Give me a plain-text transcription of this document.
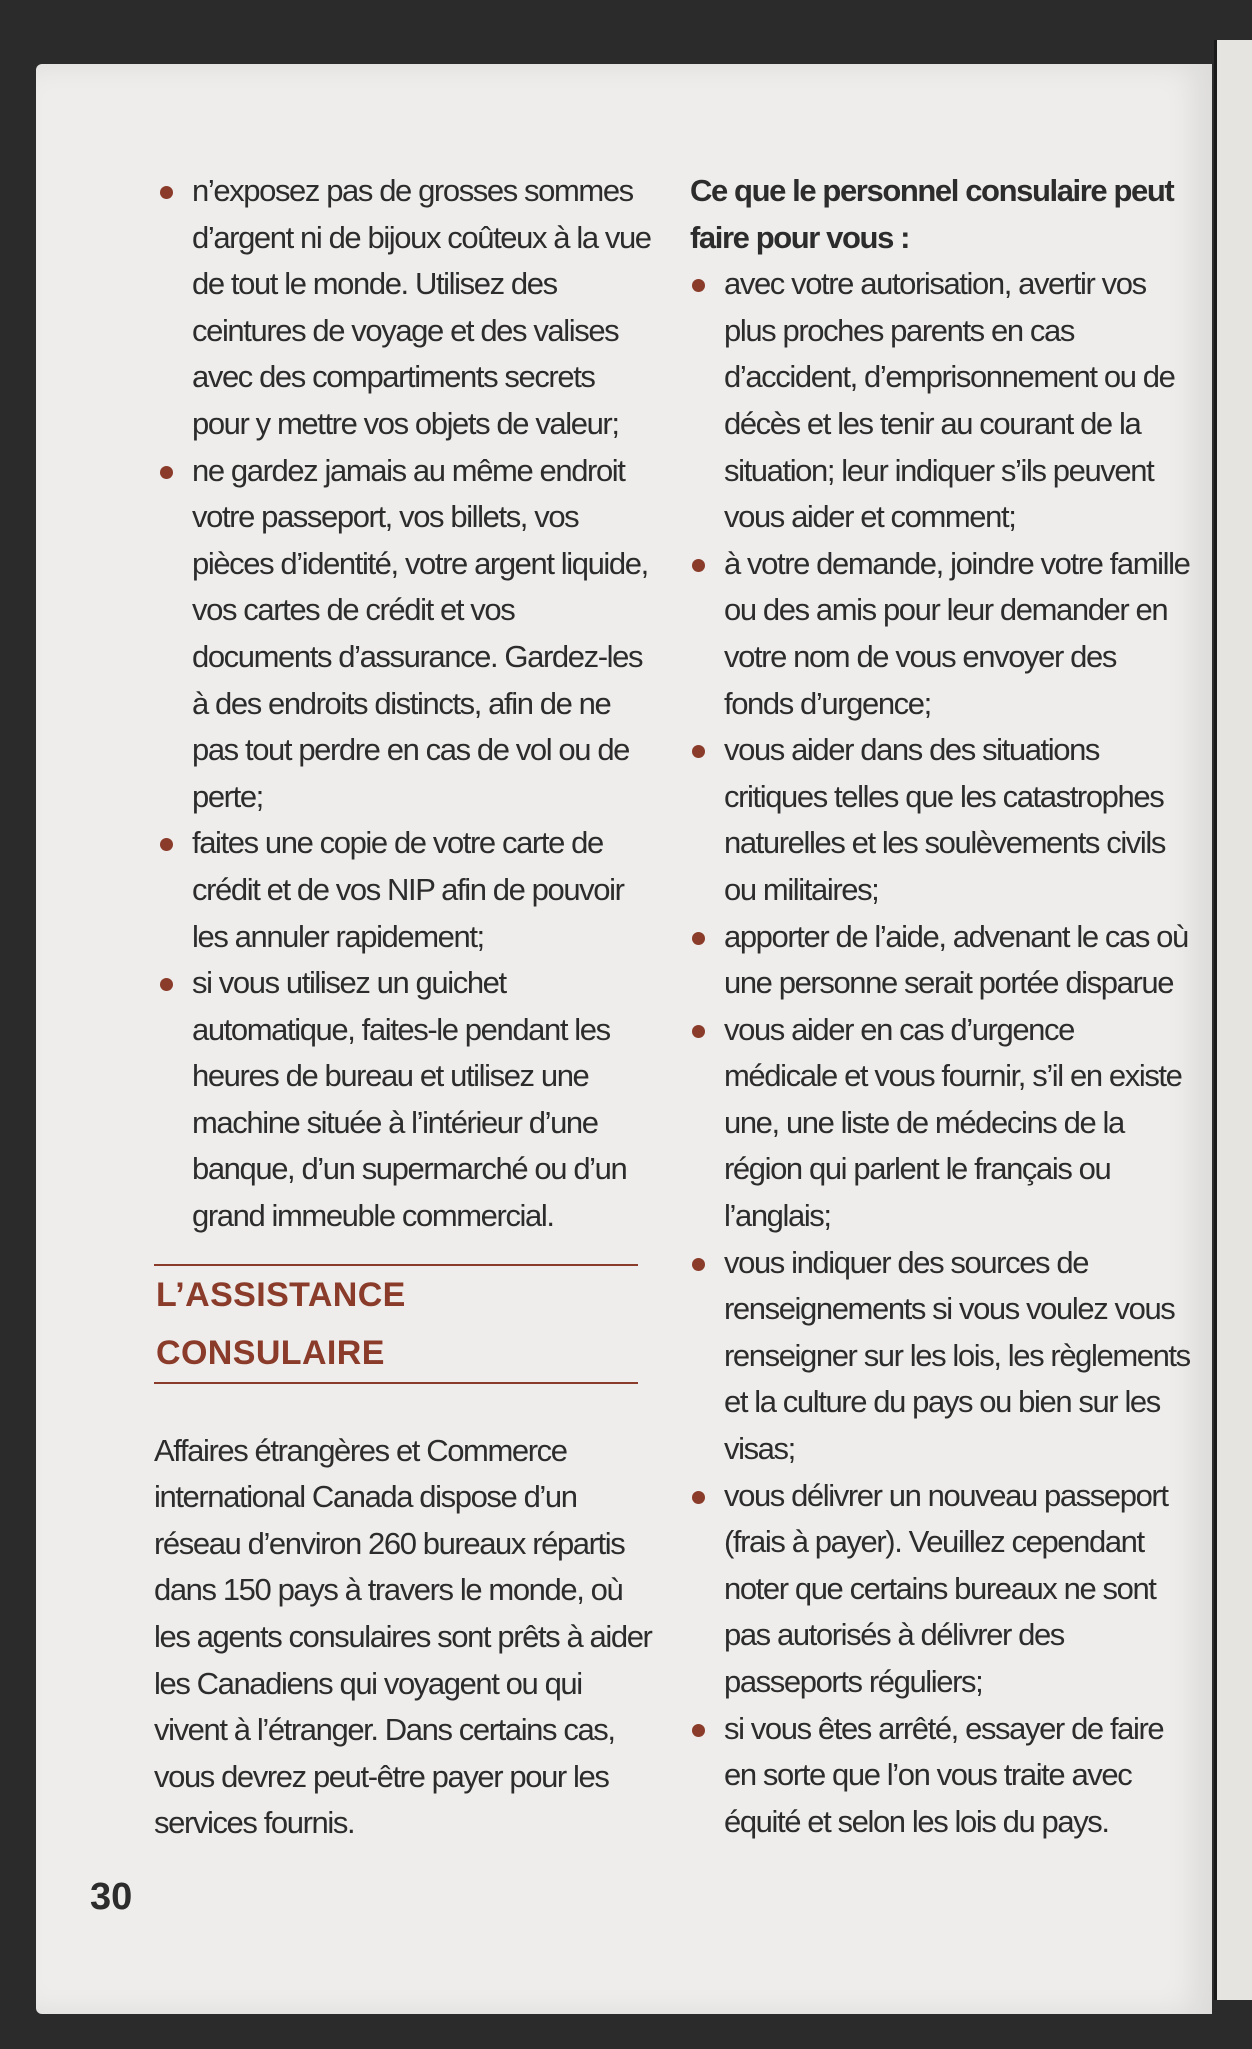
n’exposez pas de grosses sommes d’argent ni de bijoux coûteux à la vue de tout le monde. Utilisez des ceintures de voyage et des valises avec des compartiments secrets pour y mettre vos objets de valeur;
ne gardez jamais au même endroit votre passeport, vos billets, vos pièces d’identité, votre argent liquide, vos cartes de crédit et vos documents d’assurance. Gardez-les à des endroits distincts, afin de ne pas tout perdre en cas de vol ou de perte;
faites une copie de votre carte de crédit et de vos NIP afin de pouvoir les annuler rapidement;
si vous utilisez un guichet automatique, faites-le pendant les heures de bureau et utilisez une machine située à l’intérieur d’une banque, d’un supermarché ou d’un grand immeuble commercial.
L’ASSISTANCE CONSULAIRE
Affaires étrangères et Commerce international Canada dispose d’un réseau d’environ 260 bureaux répartis dans 150 pays à travers le monde, où les agents consulaires sont prêts à aider les Canadiens qui voyagent ou qui vivent à l’étranger. Dans certains cas, vous devrez peut-être payer pour les services fournis.
Ce que le personnel consulaire peut faire pour vous :
avec votre autorisation, avertir vos plus proches parents en cas d’accident, d’emprisonnement ou de décès et les tenir au courant de la situation; leur indiquer s’ils peuvent vous aider et comment;
à votre demande, joindre votre famille ou des amis pour leur demander en votre nom de vous envoyer des fonds d’urgence;
vous aider dans des situations critiques telles que les catastrophes naturelles et les soulèvements civils ou militaires;
apporter de l’aide, advenant le cas où une personne serait portée disparue
vous aider en cas d’urgence médicale et vous fournir, s’il en existe une, une liste de médecins de la région qui parlent le français ou l’anglais;
vous indiquer des sources de renseignements si vous voulez vous renseigner sur les lois, les règlements et la culture du pays ou bien sur les visas;
vous délivrer un nouveau passeport (frais à payer). Veuillez cependant noter que certains bureaux ne sont pas autorisés à délivrer des passeports réguliers;
si vous êtes arrêté, essayer de faire en sorte que l’on vous traite avec équité et selon les lois du pays.
30
